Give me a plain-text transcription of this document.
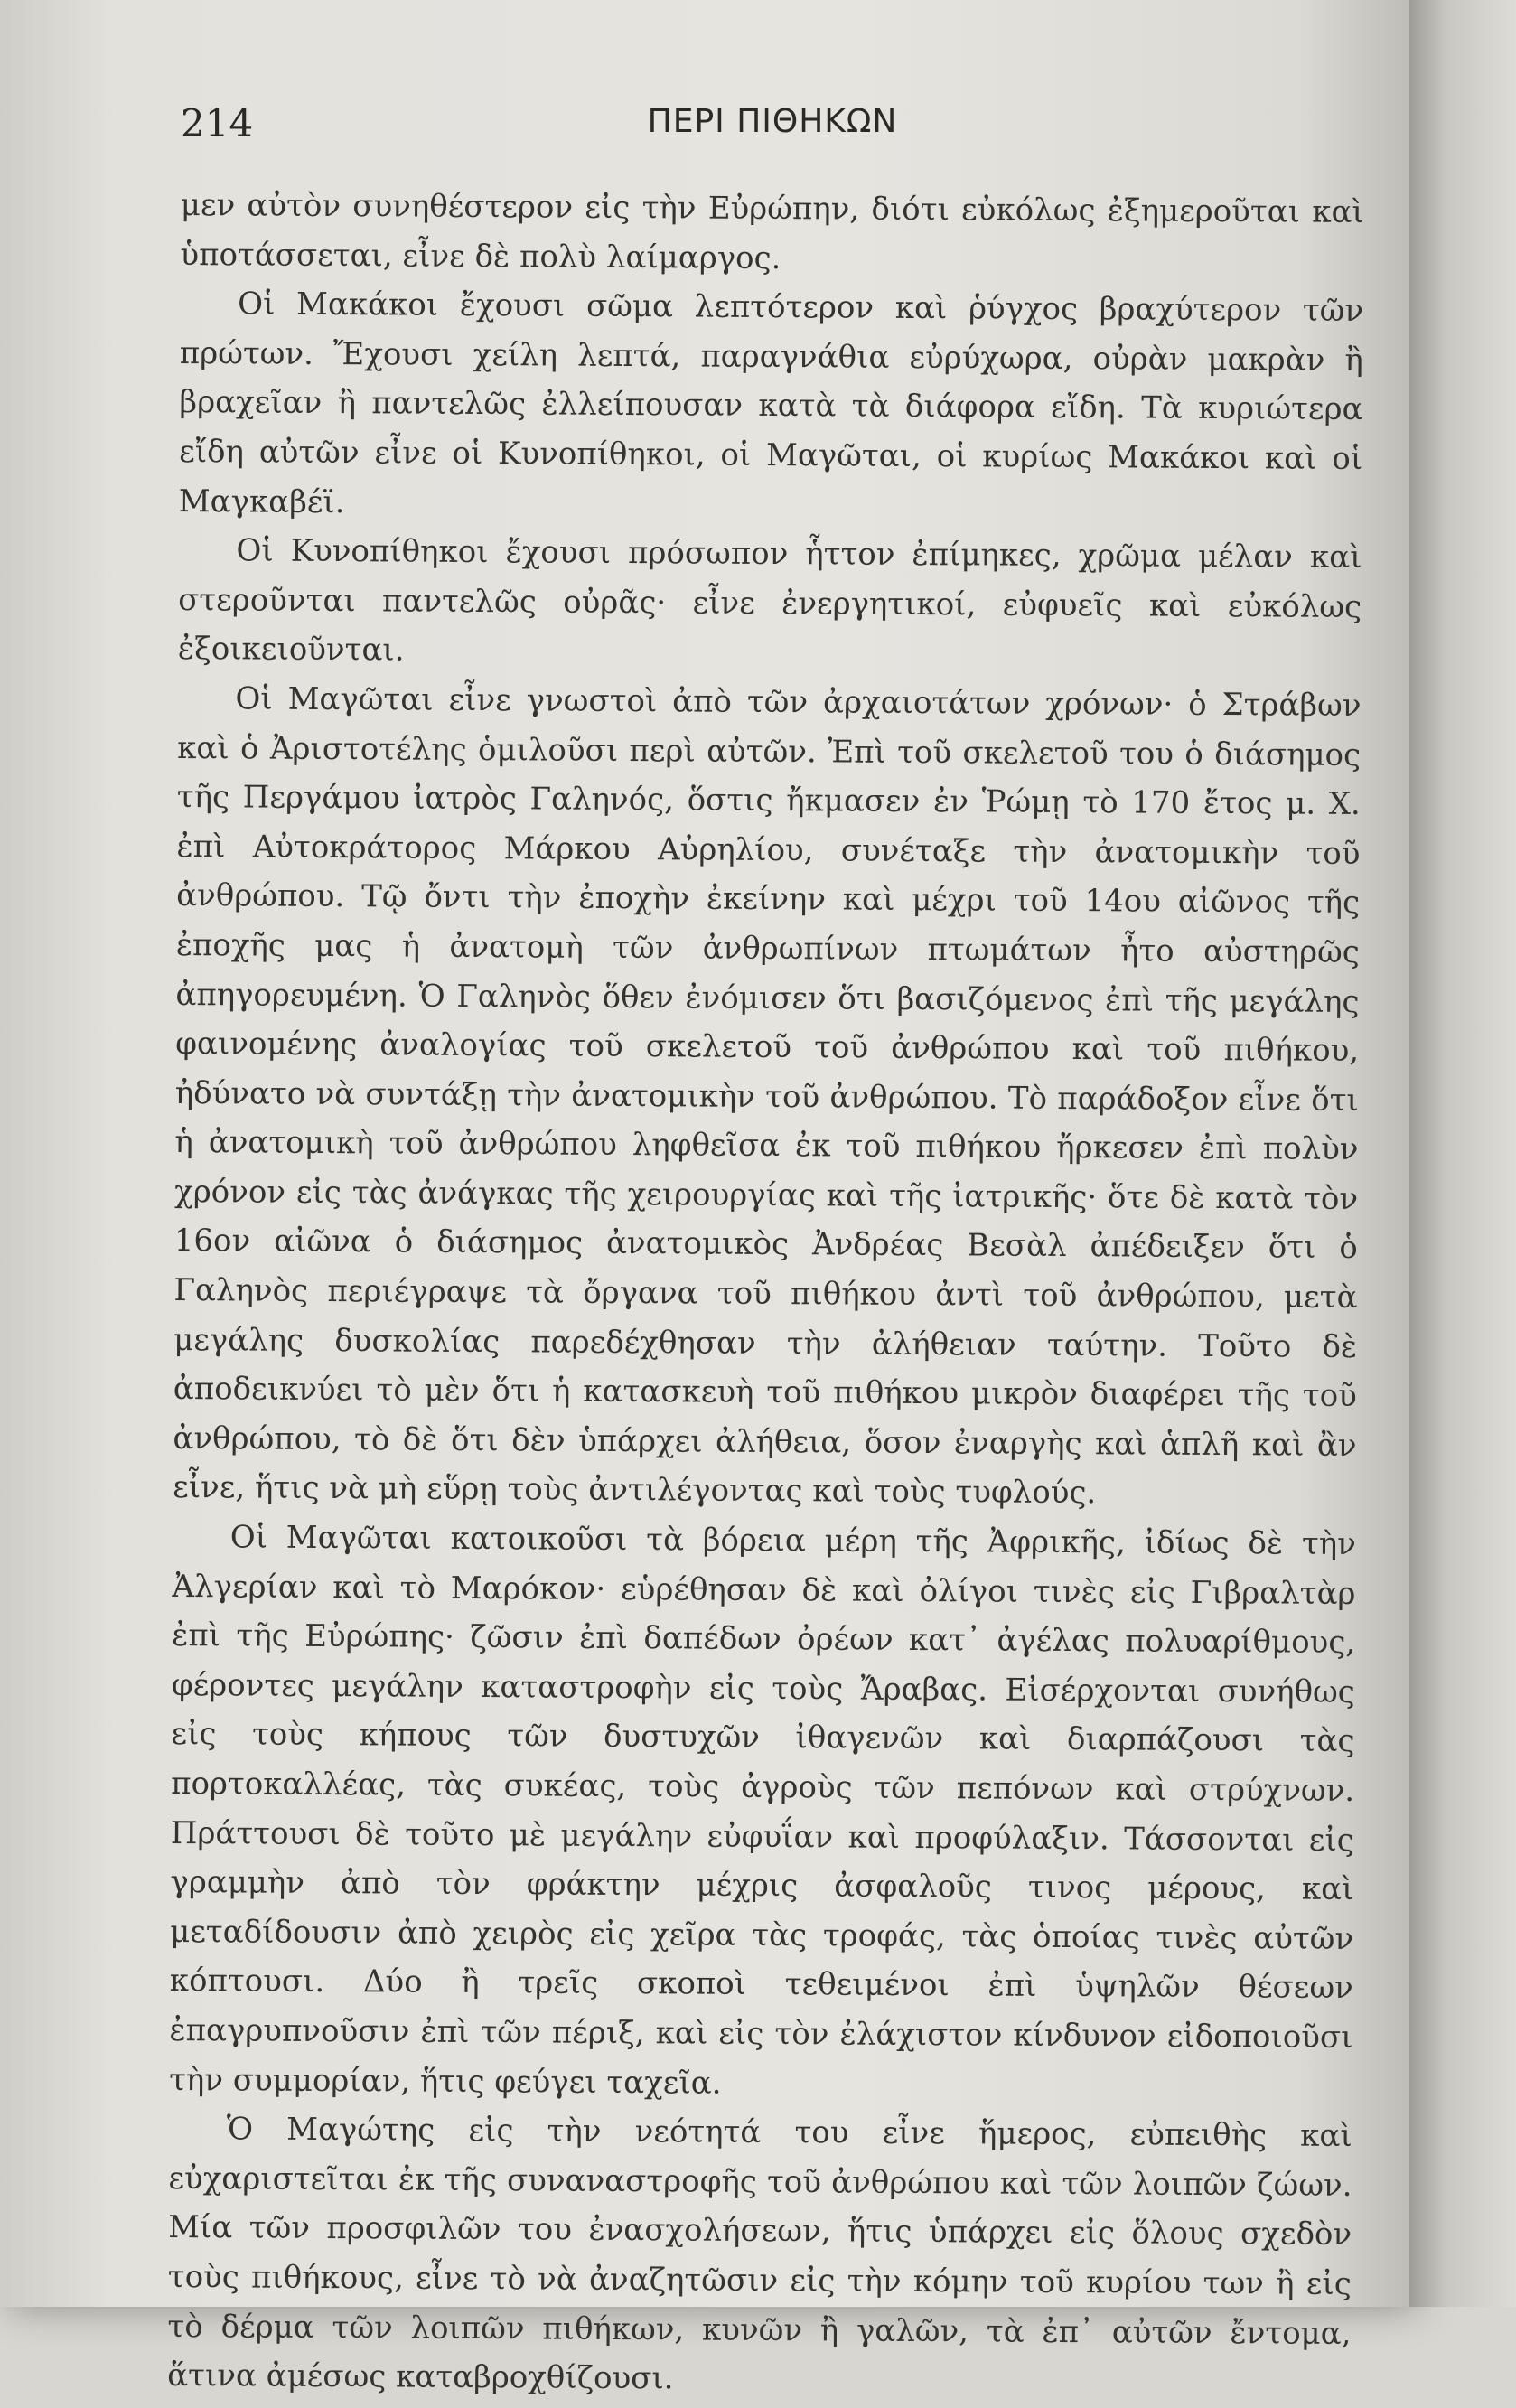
214	ΠΕΡΙ ΠΙΘΗΚΩΝ

μεν αὐτὸν συνηθέστερον εἰς τὴν Εὐρώπην, διότι εὐκόλως ἐξημεροῦται καὶ ὑποτάσσεται, εἶνε δὲ πολὺ λαίμαργος.

Οἱ Μακάκοι ἔχουσι σῶμα λεπτότερον καὶ ῥύγχος βραχύτερον τῶν πρώτων. Ἔχουσι χείλη λεπτά, παραγνάθια εὐρύχωρα, οὐρὰν μακρὰν ἢ βραχεῖαν ἢ παντελῶς ἐλλείπουσαν κατὰ τὰ διάφορα εἴδη. Τὰ κυριώτερα εἴδη αὐτῶν εἶνε οἱ Κυνοπίθηκοι, οἱ Μαγῶται, οἱ κυρίως Μακάκοι καὶ οἱ Μαγκαβέϊ.

Οἱ Κυνοπίθηκοι ἔχουσι πρόσωπον ἧττον ἐπίμηκες, χρῶμα μέλαν καὶ στεροῦνται παντελῶς οὐρᾶς· εἶνε ἐνεργητικοί, εὐφυεῖς καὶ εὐκόλως ἐξοικειοῦνται.

Οἱ Μαγῶται εἶνε γνωστοὶ ἀπὸ τῶν ἀρχαιοτάτων χρόνων· ὁ Στράβων καὶ ὁ Ἀριστοτέλης ὁμιλοῦσι περὶ αὐτῶν. Ἐπὶ τοῦ σκελετοῦ του ὁ διάσημος τῆς Περγάμου ἰατρὸς Γαληνός, ὅστις ἤκμασεν ἐν Ῥώμῃ τὸ 170 ἔτος μ. Χ. ἐπὶ Αὐτοκράτορος Μάρκου Αὐρηλίου, συνέταξε τὴν ἀνατομικὴν τοῦ ἀνθρώπου. Τῷ ὄντι τὴν ἐποχὴν ἐκείνην καὶ μέχρι τοῦ 14ου αἰῶνος τῆς ἐποχῆς μας ἡ ἀνατομὴ τῶν ἀνθρωπίνων πτωμάτων ἦτο αὐστηρῶς ἀπηγορευμένη. Ὁ Γαληνὸς ὅθεν ἐνόμισεν ὅτι βασιζόμενος ἐπὶ τῆς μεγάλης φαινομένης ἀναλογίας τοῦ σκελετοῦ τοῦ ἀνθρώπου καὶ τοῦ πιθήκου, ἠδύνατο νὰ συντάξῃ τὴν ἀνατομικὴν τοῦ ἀνθρώπου. Τὸ παράδοξον εἶνε ὅτι ἡ ἀνατομικὴ τοῦ ἀνθρώπου ληφθεῖσα ἐκ τοῦ πιθήκου ἤρκεσεν ἐπὶ πολὺν χρόνον εἰς τὰς ἀνάγκας τῆς χειρουργίας καὶ τῆς ἰατρικῆς· ὅτε δὲ κατὰ τὸν 16ον αἰῶνα ὁ διάσημος ἀνατομικὸς Ἀνδρέας Βεσὰλ ἀπέδειξεν ὅτι ὁ Γαληνὸς περιέγραψε τὰ ὄργανα τοῦ πιθήκου ἀντὶ τοῦ ἀνθρώπου, μετὰ μεγάλης δυσκολίας παρεδέχθησαν τὴν ἀλήθειαν ταύτην. Τοῦτο δὲ ἀποδεικνύει τὸ μὲν ὅτι ἡ κατασκευὴ τοῦ πιθήκου μικρὸν διαφέρει τῆς τοῦ ἀνθρώπου, τὸ δὲ ὅτι δὲν ὑπάρχει ἀλήθεια, ὅσον ἐναργὴς καὶ ἁπλῆ καὶ ἂν εἶνε, ἥτις νὰ μὴ εὕρῃ τοὺς ἀντιλέγοντας καὶ τοὺς τυφλούς.

Οἱ Μαγῶται κατοικοῦσι τὰ βόρεια μέρη τῆς Ἀφρικῆς, ἰδίως δὲ τὴν Ἀλγερίαν καὶ τὸ Μαρόκον· εὑρέθησαν δὲ καὶ ὀλίγοι τινὲς εἰς Γιβραλτὰρ ἐπὶ τῆς Εὐρώπης· ζῶσιν ἐπὶ δαπέδων ὀρέων κατ᾽ ἀγέλας πολυαρίθμους, φέροντες μεγάλην καταστροφὴν εἰς τοὺς Ἄραβας. Εἰσέρχονται συνήθως εἰς τοὺς κήπους τῶν δυστυχῶν ἰθαγενῶν καὶ διαρπάζουσι τὰς πορτοκαλλέας, τὰς συκέας, τοὺς ἀγροὺς τῶν πεπόνων καὶ στρύχνων. Πράττουσι δὲ τοῦτο μὲ μεγάλην εὐφυΐαν καὶ προφύλαξιν. Τάσσονται εἰς γραμμὴν ἀπὸ τὸν φράκτην μέχρις ἀσφαλοῦς τινος μέρους, καὶ μεταδίδουσιν ἀπὸ χειρὸς εἰς χεῖρα τὰς τροφάς, τὰς ὁποίας τινὲς αὐτῶν κόπτουσι. Δύο ἢ τρεῖς σκοποὶ τεθειμένοι ἐπὶ ὑψηλῶν θέσεων ἐπαγρυπνοῦσιν ἐπὶ τῶν πέριξ, καὶ εἰς τὸν ἐλάχιστον κίνδυνον εἰδοποιοῦσι τὴν συμμορίαν, ἥτις φεύγει ταχεῖα.

Ὁ Μαγώτης εἰς τὴν νεότητά του εἶνε ἥμερος, εὐπειθὴς καὶ εὐχαριστεῖται ἐκ τῆς συναναστροφῆς τοῦ ἀνθρώπου καὶ τῶν λοιπῶν ζώων. Μία τῶν προσφιλῶν του ἐνασχολήσεων, ἥτις ὑπάρχει εἰς ὅλους σχεδὸν τοὺς πιθήκους, εἶνε τὸ νὰ ἀναζητῶσιν εἰς τὴν κόμην τοῦ κυρίου των ἢ εἰς τὸ δέρμα τῶν λοιπῶν πιθήκων, κυνῶν ἢ γαλῶν, τὰ ἐπ᾽ αὐτῶν ἔντομα, ἅτινα ἀμέσως καταβροχθίζουσι.
